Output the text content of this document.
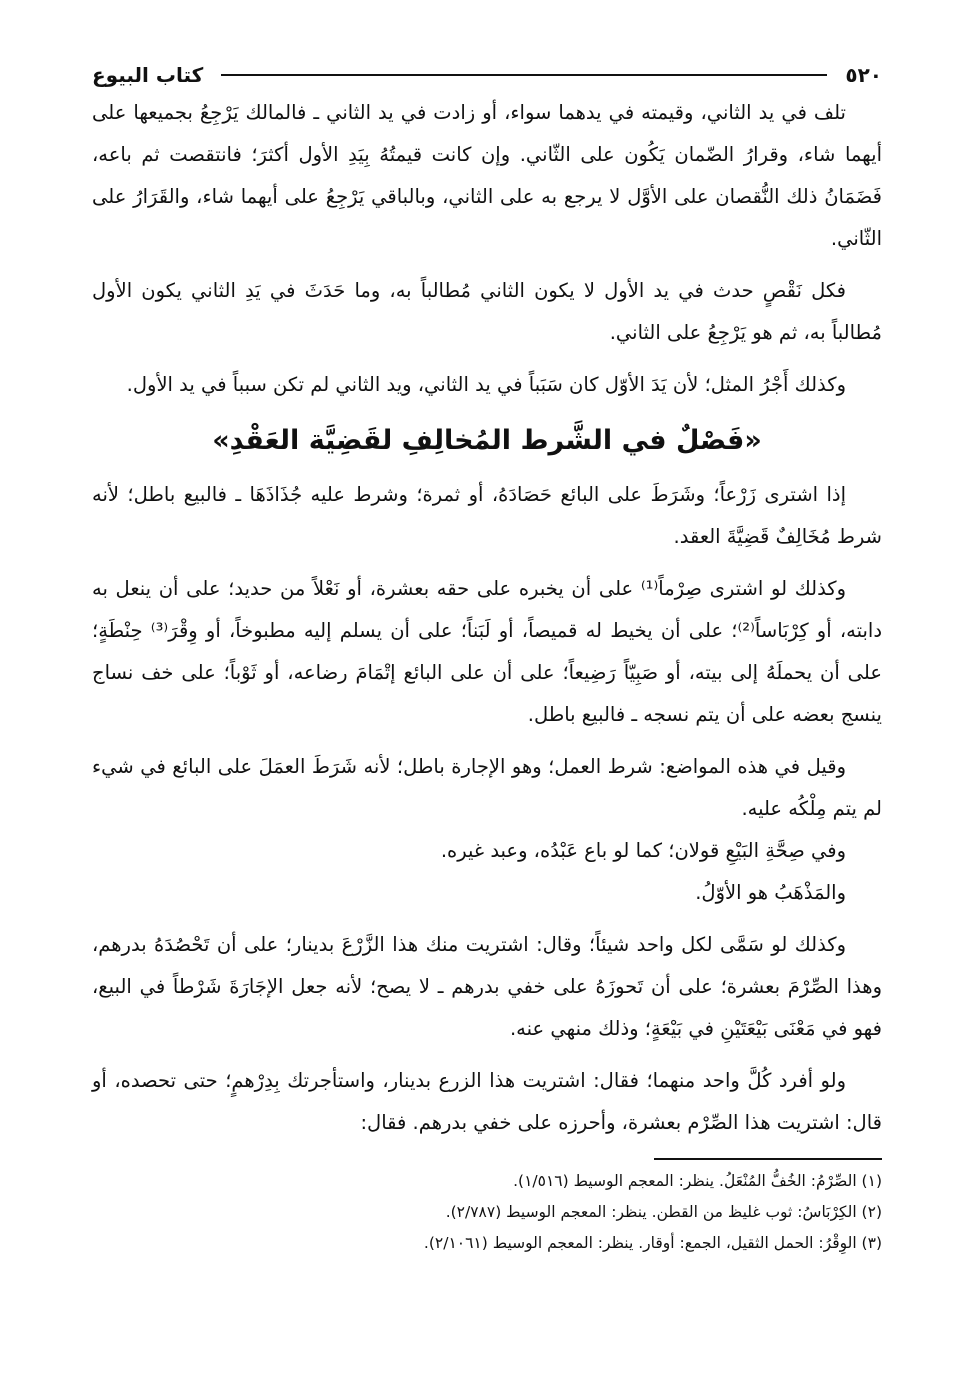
٥٢٠
كتاب البيوع

تلف في يد الثاني، وقيمته في يدهما سواء، أو زادت في يد الثاني ـ فالمالك يَرْجِعُ بجميعها على أيهما شاء، وقرارُ الضّمان يَكُون على الثّاني. وإن كانت قيمتُهُ بِيَدِ الأول أكثرَ؛ فانتقصت ثم باعه، فَضَمَانُ ذلك النُّقصان على الأوَّل لا يرجع به على الثاني، وبالباقي يَرْجِعُ على أيهما شاء، والقَرَارُ على الثّاني.

فكل نَقْصٍ حدث في يد الأول لا يكون الثاني مُطالباً به، وما حَدَثَ في يَدِ الثاني يكون الأول مُطالباً به، ثم هو يَرْجِعُ على الثاني.

وكذلك أَجْرُ المثل؛ لأن يَدَ الأوّل كان سَبَباً في يد الثاني، ويد الثاني لم تكن سبباً في يد الأول.

«فَصْلٌ في الشَّرط المُخالِفِ لقَضِيَّة العَقْدِ»

إذا اشترى زَرْعاً؛ وشَرَطَ على البائع حَصَادَهُ، أو ثمرة؛ وشرط عليه جُذَاذَهَا ـ فالبيع باطل؛ لأنه شرط مُخَالِفٌ قَضِيَّةَ العقد.

وكذلك لو اشترى صِرْماً⁽¹⁾ على أن يخبره على حقه بعشرة، أو نَعْلاً من حديد؛ على أن ينعل به دابته، أو كِرْبَاساً⁽²⁾؛ على أن يخيط له قميصاً، أو لَبَناً؛ على أن يسلم إليه مطبوخاً، أو وِقْرَ⁽³⁾ حِنْطَةٍ؛ على أن يحملَهُ إلى بيته، أو صَبِيّاً رَضِيعاً؛ على أن على البائع إتْمَامَ رضاعه، أو ثَوْباً؛ على خف نساج ينسج بعضه على أن يتم نسجه ـ فالبيع باطل.

وقيل في هذه المواضع: شرط العمل؛ وهو الإجارة باطل؛ لأنه شَرَطَ العمَلَ على البائع في شيء لم يتم مِلْكُه عليه.

وفي صِحَّةِ البَيْعِ قولان؛ كما لو باع عَبْدُه، وعبد غيره.

والمَذْهَبُ هو الأوّلُ.

وكذلك لو سَمَّى لكل واحد شيئاً؛ وقال: اشتريت منك هذا الزَّرْعَ بدينار؛ على أن تَحْصُدَهُ بدرهم، وهذا الصِّرْمَ بعشرة؛ على أن تَحوزَهُ على خفي بدرهم ـ لا يصح؛ لأنه جعل الإجَارَةَ شَرْطاً في البيع، فهو في مَعْنَى بَيْعَتَيْنِ في بَيْعَةٍ؛ وذلك منهي عنه.

ولو أفرد كُلَّ واحد منهما؛ فقال: اشتريت هذا الزرع بدينار، واستأجرتك بِدِرْهمٍ؛ حتى تحصده، أو قال: اشتريت هذا الصِّرْم بعشرة، وأحرزه على خفي بدرهم. فقال:

(١) الصِّرْمُ: الخُفُّ المُنْعَلُ. ينظر: المعجم الوسيط (١/٥١٦).

(٢) الكِرْبَاسُ: ثوب غليظ من القطن. ينظر: المعجم الوسيط (٢/٧٨٧).

(٣) الوِقْرُ: الحمل الثقيل، الجمع: أوقار. ينظر: المعجم الوسيط (٢/١٠٦١).
